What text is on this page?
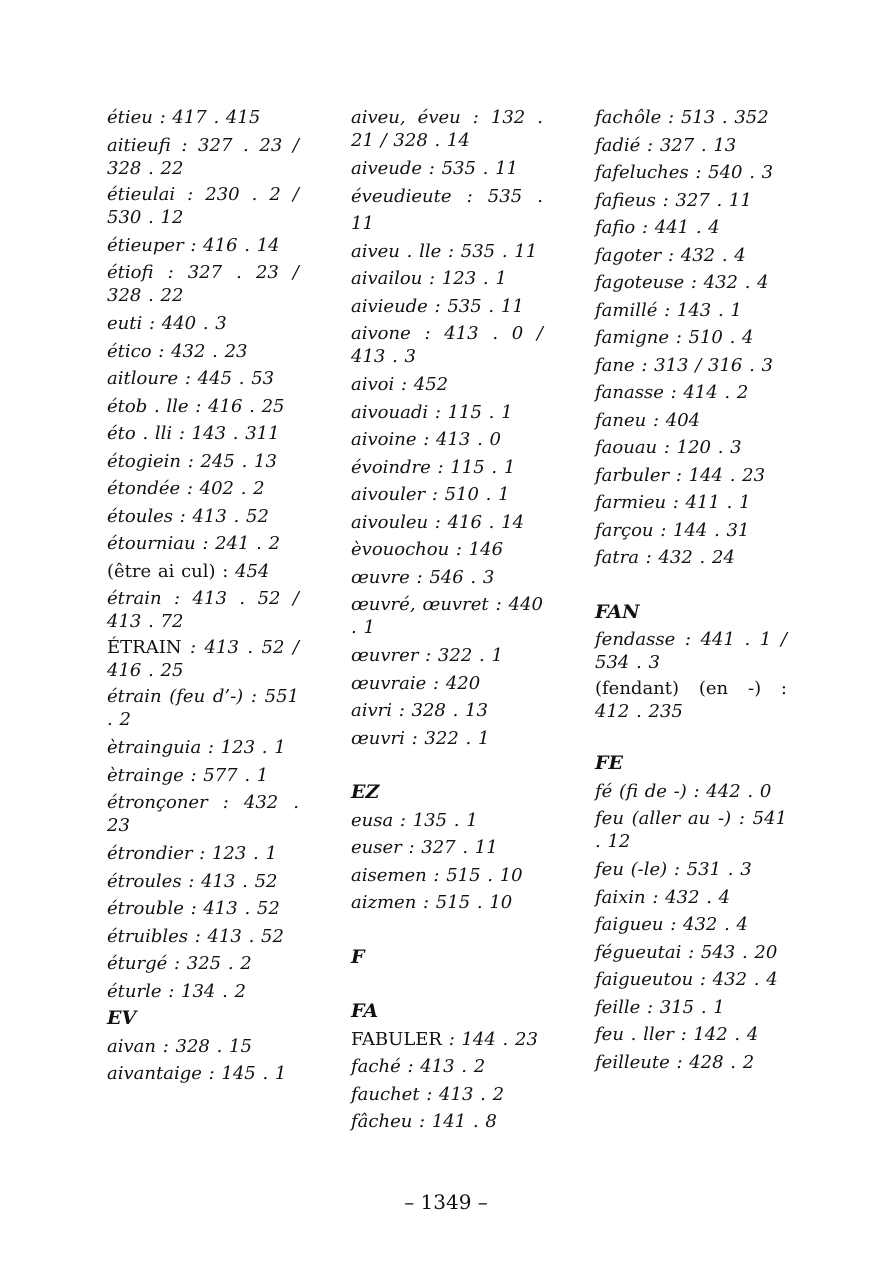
étieu : 417 . 415

aitieufi : 327 . 23 / 328 . 22

étieulai : 230 . 2 / 530 . 12

étieuper : 416 . 14

étiofi : 327 . 23 / 328 . 22

euti : 440 . 3

ético : 432 . 23

aitloure : 445 . 53

étob . lle : 416 . 25

éto . lli : 143 . 311

étogiein : 245 . 13

étondée : 402 . 2

étoules : 413 . 52

étourniau : 241 . 2

(être ai cul) : 454

étrain : 413 . 52 / 413 . 72

ÉTRAIN : 413 . 52 / 416 . 25

étrain (feu d’-) : 551 . 2

ètrainguia : 123 . 1

ètrainge : 577 . 1

étronçoner : 432 . 23

étrondier : 123 . 1

étroules : 413 . 52

étrouble : 413 . 52

étruibles : 413 . 52

éturgé : 325 . 2

éturle : 134 . 2

EV

aivan : 328 . 15

aivantaige : 145 . 1

aiveu, éveu : 132 . 21 / 328 . 14

aiveude : 535 . 11

éveudieute : 535 . 11

aiveu . lle : 535 . 11

aivailou : 123 . 1

aivieude : 535 . 11

aivone : 413 . 0 / 413 . 3

aivoi : 452

aivouadi : 115 . 1

aivoine : 413 . 0

évoindre : 115 . 1

aivouler : 510 . 1

aivouleu : 416 . 14

èvouochou : 146

œuvre : 546 . 3

œuvré, œuvret : 440 . 1

œuvrer : 322 . 1

œuvraie : 420

aivri : 328 . 13

œuvri : 322 . 1

EZ

eusa : 135 . 1

euser : 327 . 11

aisemen : 515 . 10

aizmen : 515 . 10

F

FA

FABULER : 144 . 23

faché : 413 . 2

fauchet : 413 . 2

fâcheu : 141 . 8

fachôle : 513 . 352

fadié : 327 . 13

fafeluches : 540 . 3

fafieus : 327 . 11

fafio : 441 . 4

fagoter : 432 . 4

fagoteuse : 432 . 4

famillé : 143 . 1

famigne : 510 . 4

fane : 313 / 316 . 3

fanasse : 414 . 2

faneu : 404

faouau : 120 . 3

farbuler : 144 . 23

farmieu : 411 . 1

farçou : 144 . 31

fatra : 432 . 24

FAN

fendasse : 441 . 1 / 534 . 3

(fendant) (en -) : 412 . 235

FE

fé (fi de -) : 442 . 0

feu (aller au -) : 541 . 12

feu (-le) : 531 . 3

faixin : 432 . 4

faigueu : 432 . 4

fégueutai : 543 . 20

faigueutou : 432 . 4

feille : 315 . 1

feu . ller : 142 . 4

feilleute : 428 . 2

– 1349 –
